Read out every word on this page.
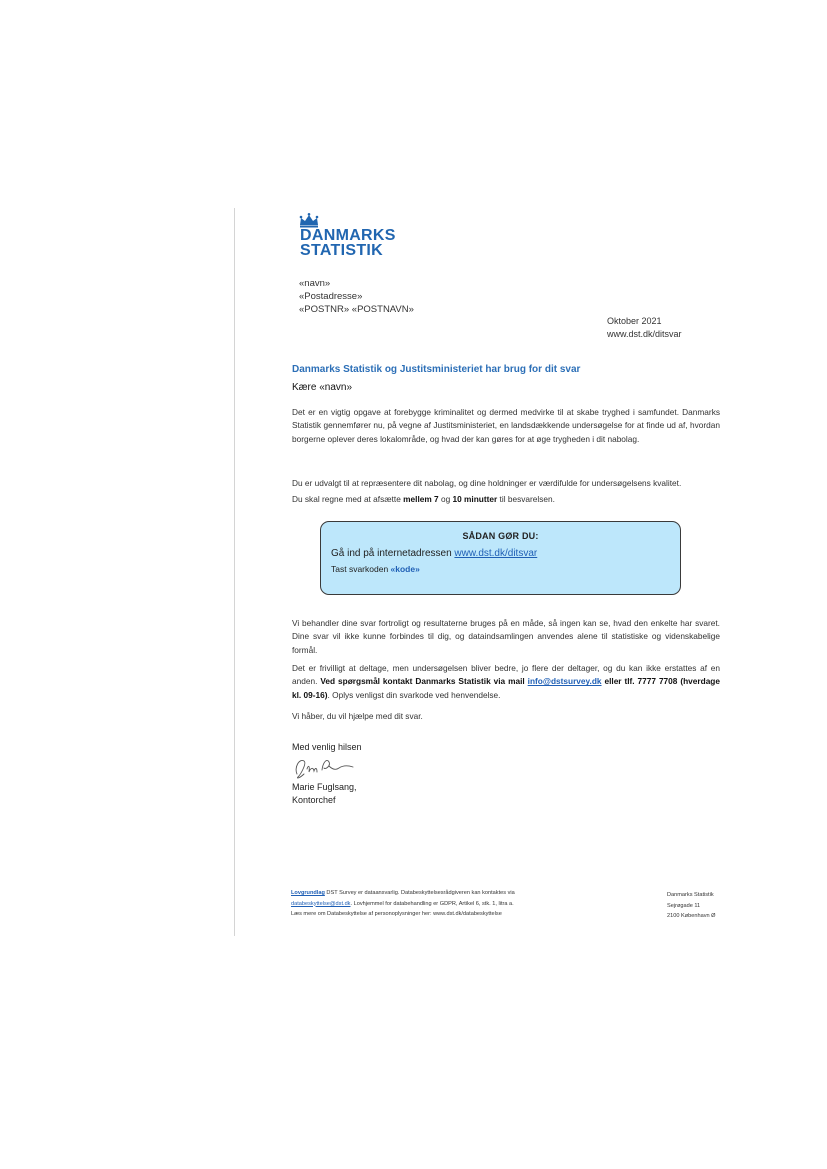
DANMARKS
STATISTIK
«navn»
«Postadresse»
«POSTNR» «POSTNAVN»
Oktober 2021
www.dst.dk/ditsvar
Danmarks Statistik og Justitsministeriet har brug for dit svar
Kære «navn»
Det er en vigtig opgave at forebygge kriminalitet og dermed medvirke til at skabe tryghed i samfundet. Danmarks Statistik gennemfører nu, på vegne af Justitsministeriet, en landsdækkende undersøgelse for at finde ud af, hvordan borgerne oplever deres lokalområde, og hvad der kan gøres for at øge trygheden i dit nabolag.
Du er udvalgt til at repræsentere dit nabolag, og dine holdninger er værdifulde for undersøgelsens kvalitet.
Du skal regne med at afsætte mellem 7 og 10 minutter til besvarelsen.
SÅDAN GØR DU:
Gå ind på internetadressen www.dst.dk/ditsvar
Tast svarkoden «kode»
Vi behandler dine svar fortroligt og resultaterne bruges på en måde, så ingen kan se, hvad den enkelte har svaret. Dine svar vil ikke kunne forbindes til dig, og dataindsamlingen anvendes alene til statistiske og videnskabelige formål.
Det er frivilligt at deltage, men undersøgelsen bliver bedre, jo flere der deltager, og du kan ikke erstattes af en anden. Ved spørgsmål kontakt Danmarks Statistik via mail info@dstsurvey.dk eller tlf. 7777 7708 (hverdage kl. 09-16). Oplys venligst din svarkode ved henvendelse.
Vi håber, du vil hjælpe med dit svar.
Med venlig hilsen
Marie Fuglsang,
Kontorchef
Lovgrundlag DST Survey er dataansvarlig. Databeskyttelsesrådgiveren kan kontaktes via
databeskyttelse@dst.dk. Lovhjemmel for databehandling er GDPR, Artikel 6, stk. 1, litra a.
Læs mere om Databeskyttelse af personoplysninger her: www.dst.dk/databeskyttelse
Danmarks Statistik
Sejrøgade 11
2100 København Ø
